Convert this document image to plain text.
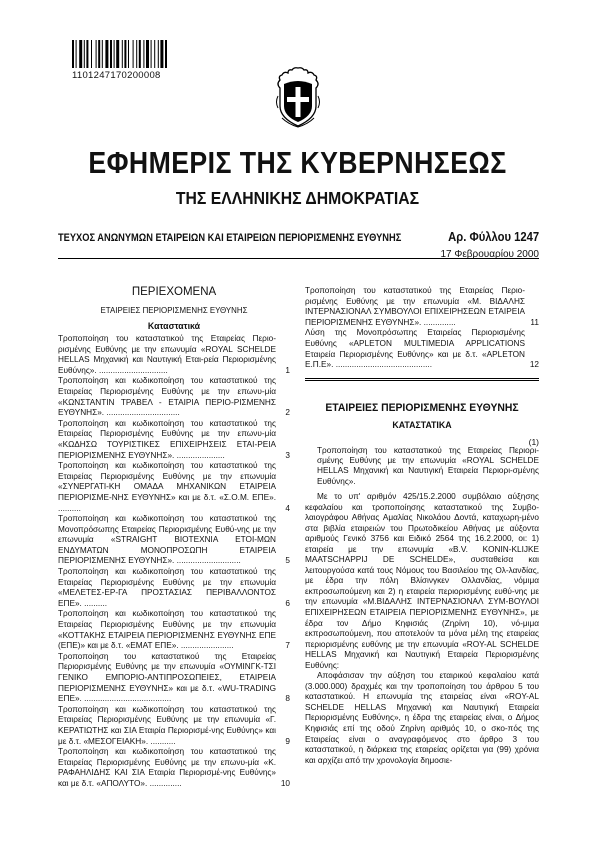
1101247170200008
ΕΦΗΜΕΡΙΣ ΤΗΣ ΚΥΒΕΡΝΗΣΕΩΣ
ΤΗΣ ΕΛΛΗΝΙΚΗΣ ΔΗΜΟΚΡΑΤΙΑΣ
ΤΕΥΧΟΣ ΑΝΩΝΥΜΩΝ ΕΤΑΙΡΕΙΩΝ ΚΑΙ ΕΤΑΙΡΕΙΩΝ ΠΕΡΙΟΡΙΣΜΕΝΗΣ ΕΥΘΥΝΗΣ	Αρ. Φύλλου 1247
17 Φεβρουαρίου 2000
ΠΕΡΙΕΧΟΜΕΝΑ
ΕΤΑΙΡΕΙΕΣ ΠΕΡΙΟΡΙΣΜΕΝΗΣ ΕΥΘΥΝΗΣ
Καταστατικά
Τροποποίηση του καταστατικού της Εταιρείας Περιο-ρισμένης Ευθύνης με την επωνυμία «ROYAL SCHELDE HELLAS Μηχανική και Ναυτιγική Εται-ρεία Περιορισμένης Ευθύνης». ..............................	1
Τροποποίηση και κωδικοποίηση του καταστατικού της Εταιρείας Περιορισμένης Ευθύνης με την επωνυ-μία «ΚΩΝΣΤΑΝΤΙΝ ΤΡΑΒΕΛ - ΕΤΑΙΡΙΑ ΠΕΡΙΟ-ΡΙΣΜΕΝΗΣ ΕΥΘΥΝΗΣ». ................................	2
Τροποποίηση και κωδικοποίηση του καταστατικού της Εταιρείας Περιορισμένης Ευθύνης με την επωνυ-μία «ΚΩΔΗΣΩ ΤΟΥΡΙΣΤΙΚΕΣ ΕΠΙΧΕΙΡΗΣΕΙΣ ΕΤΑΙ-ΡΕΙΑ ΠΕΡΙΟΡΙΣΜΕΝΗΣ ΕΥΘΥΝΗΣ». .....................	3
Τροποποίηση και κωδικοποίηση του καταστατικού της Εταιρείας Περιορισμένης Ευθύνης με την επωνυμία «ΣΥΝΕΡΓΑΤΙ-ΚΗ ΟΜΑΔΑ ΜΗΧΑΝΙΚΩΝ ΕΤΑΙΡΕΙΑ ΠΕΡΙΟΡΙΣΜΕ-ΝΗΣ ΕΥΘΥΝΗΣ» και με δ.τ. «Σ.Ο.Μ. ΕΠΕ». ..........	4
Τροποποίηση και κωδικοποίηση του καταστατικού της Μονοπρόσωπης Εταιρείας Περιορισμένης Ευθύ-νης με την επωνυμία «STRAIGHT ΒΙΟΤΕΧΝΙΑ ΕΤΟΙ-ΜΩΝ ΕΝΔΥΜΑΤΩΝ ΜΟΝΟΠΡΟΣΩΠΗ ΕΤΑΙΡΕΙΑ ΠΕΡΙΟΡΙΣΜΕΝΗΣ ΕΥΘΥΝΗΣ». ............................	5
Τροποποίηση και κωδικοποίηση του καταστατικού της Εταιρείας Περιορισμένης Ευθύνης με την επωνυμία «ΜΕΛΕΤΕΣ-ΕΡ-ΓΑ ΠΡΟΣΤΑΣΙΑΣ ΠΕΡΙΒΑΛΛΟΝΤΟΣ ΕΠΕ». ..........	6
Τροποποίηση και κωδικοποίηση του καταστατικού της Εταιρείας Περιορισμένης Ευθύνης με την επωνυμία «ΚΟΤΤΑΚΗΣ ΕΤΑΙΡΕΙΑ ΠΕΡΙΟΡΙΣΜΕΝΗΣ ΕΥΘΥΝΗΣ ΕΠΕ (ΕΠΕ)» και με δ.τ. «ΕΜΑΤ ΕΠΕ». .......................	7
Τροποποίηση του καταστατικού της Εταιρείας Περιορισμένης Ευθύνης με την επωνυμία «ΟΥΜΙΝΓΚ-ΤΣΙ ΓΕΝΙΚΟ ΕΜΠΟΡΙΟ-ΑΝΤΙΠΡΟΣΩΠΕΙΕΣ, ΕΤΑΙΡΕΙΑ ΠΕΡΙΟΡΙΣΜΕΝΗΣ ΕΥΘΥΝΗΣ» και με δ.τ. «WU-TRADING ΕΠΕ». ......................................	8
Τροποποίηση και κωδικοποίηση του καταστατικού της Εταιρείας Περιορισμένης Ευθύνης με την επωνυμία «Γ. ΚΕΡΑΤΙΩΤΗΣ και ΣΙΑ Εταιρία Περιορισμέ-νης Ευθύνης» και με δ.τ. «ΜΕΣΟΓΕΙΑΚΗ». ...........	9
Τροποποίηση και κωδικοποίηση του καταστατικού της Εταιρείας Περιορισμένης Ευθύνης με την επωνυ-μία «Κ. ΡΑΦΑΗΛΙΔΗΣ ΚΑΙ ΣΙΑ Εταιρία Περιορισμέ-νης Ευθύνης» και με δ.τ. «ΑΠΟΛΥΤΟ». ..............	10
Τροποποίηση του καταστατικού της Εταιρείας Περιο-ρισμένης Ευθύνης με την επωνυμία «Μ. ΒΙΔΑΛΗΣ ΙΝΤΕΡΝΑΣΙΟΝΑΛ ΣΥΜΒΟΥΛΟΙ ΕΠΙΧΕΙΡΗΣΕΩΝ ΕΤΑΙΡΕΙΑ ΠΕΡΙΟΡΙΣΜΕΝΗΣ ΕΥΘΥΝΗΣ». ..............	11
Λύση της Μονοπρόσωπης Εταιρείας Περιορισμένης Ευθύνης «APLETON MULTIMEDIA APPLICATIONS Εταιρεία Περιορισμένης Ευθύνης» και με δ.τ. «APLETON Ε.Π.Ε». ..........................................	12
ΕΤΑΙΡΕΙΕΣ ΠΕΡΙΟΡΙΣΜΕΝΗΣ ΕΥΘΥΝΗΣ
ΚΑΤΑΣΤΑΤΙΚΑ
(1)
Τροποποίηση του καταστατικού της Εταιρείας Περιορι-σμένης Ευθύνης με την επωνυμία «ROYAL SCHELDE HELLAS Μηχανική και Ναυτιγική Εταιρεία Περιορι-σμένης Ευθύνης».

Με το υπ' αριθμόν 425/15.2.2000 συμβόλαιο αύξησης κεφαλαίου και τροποποίησης καταστατικού της Συμβο-λαιογράφου Αθήνας Αμαλίας Νικολάου Δοντά, καταχωρη-μένο στα βιβλία εταιρειών του Πρωτοδικείου Αθήνας με αύξοντα αριθμούς Γενικό 3756 και Ειδικό 2564 της 16.2.2000, οι: 1) εταιρεία με την επωνυμία «B.V. KONIN-KLIJKE MAATSCHAPPIJ DE SCHELDE», συσταθείσα και λειτουργούσα κατά τους Νόμους του Βασιλείου της Ολ-λανδίας, με έδρα την πόλη Βλίσινγκεν Ολλανδίας, νόμιμα εκπροσωπούμενη και 2) η εταιρεία περιορισμένης ευθύ-νης με την επωνυμία «Μ.ΒΙΔΑΛΗΣ ΙΝΤΕΡΝΑΣΙΟΝΑΛ ΣΥΜ-ΒΟΥΛΟΙ ΕΠΙΧΕΙΡΗΣΕΩΝ ΕΤΑΙΡΕΙΑ ΠΕΡΙΟΡΙΣΜΕΝΗΣ ΕΥΘΥΝΗΣ», με έδρα τον Δήμο Κηφισιάς (Ζηρίνη 10), νό-μιμα εκπροσωπούμενη, που αποτελούν τα μόνα μέλη της εταιρείας περιορισμένης ευθύνης με την επωνυμία «ROY-AL SCHELDE HELLAS Μηχανική και Ναυτιγική Εταιρεία Περιορισμένης Ευθύνης:

Αποφάσισαν την αύξηση του εταιρικού κεφαλαίου κατά (3.000.000) δραχμές και την τροποποίηση του άρθρου 5 του καταστατικού. Η επωνυμία της εταιρείας είναι «ROY-AL SCHELDE HELLAS Μηχανική και Ναυτιγική Εταιρεία Περιορισμένης Ευθύνης», η έδρα της εταιρείας είναι, ο Δήμος Κηφισιάς επί της οδού Ζηρίνη αριθμός 10, ο σκο-πός της Εταιρείας είναι ο αναγραφόμενος στο άρθρο 3 του καταστατικού, η διάρκεια της εταιρείας ορίζεται για (99) χρόνια και αρχίζει από την χρονολογία δημοσιε-
